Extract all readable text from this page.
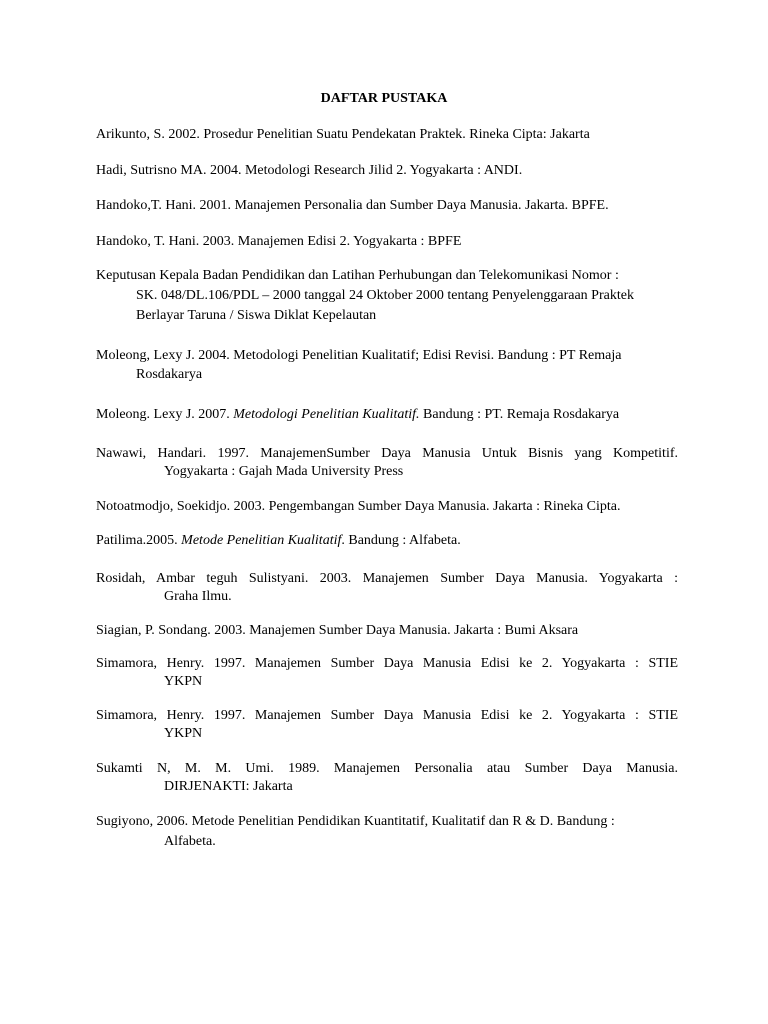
DAFTAR PUSTAKA
Arikunto, S. 2002. Prosedur Penelitian Suatu Pendekatan Praktek. Rineka Cipta: Jakarta
Hadi, Sutrisno MA. 2004. Metodologi Research Jilid 2. Yogyakarta : ANDI.
Handoko,T. Hani. 2001. Manajemen Personalia dan Sumber Daya Manusia. Jakarta. BPFE.
Handoko, T. Hani. 2003. Manajemen Edisi 2. Yogyakarta : BPFE
Keputusan Kepala Badan Pendidikan dan Latihan Perhubungan dan Telekomunikasi Nomor :
SK. 048/DL.106/PDL – 2000 tanggal 24 Oktober 2000 tentang Penyelenggaraan Praktek
Berlayar Taruna / Siswa Diklat Kepelautan
Moleong, Lexy J. 2004. Metodologi Penelitian Kualitatif; Edisi Revisi. Bandung : PT Remaja
Rosdakarya
Moleong. Lexy J. 2007. Metodologi Penelitian Kualitatif. Bandung : PT. Remaja Rosdakarya
Nawawi, Handari. 1997. ManajemenSumber Daya Manusia Untuk Bisnis yang Kompetitif.
Yogyakarta : Gajah Mada University Press
Notoatmodjo, Soekidjo. 2003. Pengembangan Sumber Daya Manusia. Jakarta : Rineka Cipta.
Patilima.2005. Metode Penelitian Kualitatif. Bandung : Alfabeta.
Rosidah, Ambar teguh Sulistyani. 2003. Manajemen Sumber Daya Manusia. Yogyakarta :
Graha Ilmu.
Siagian, P. Sondang. 2003. Manajemen Sumber Daya Manusia. Jakarta : Bumi Aksara
Simamora, Henry. 1997. Manajemen Sumber Daya Manusia Edisi ke 2. Yogyakarta : STIE
YKPN
Simamora, Henry. 1997. Manajemen Sumber Daya Manusia Edisi ke 2. Yogyakarta : STIE
YKPN
Sukamti N, M. M. Umi. 1989. Manajemen Personalia atau Sumber Daya Manusia.
DIRJENAKTI: Jakarta
Sugiyono, 2006. Metode Penelitian Pendidikan Kuantitatif, Kualitatif dan R & D. Bandung :
Alfabeta.
